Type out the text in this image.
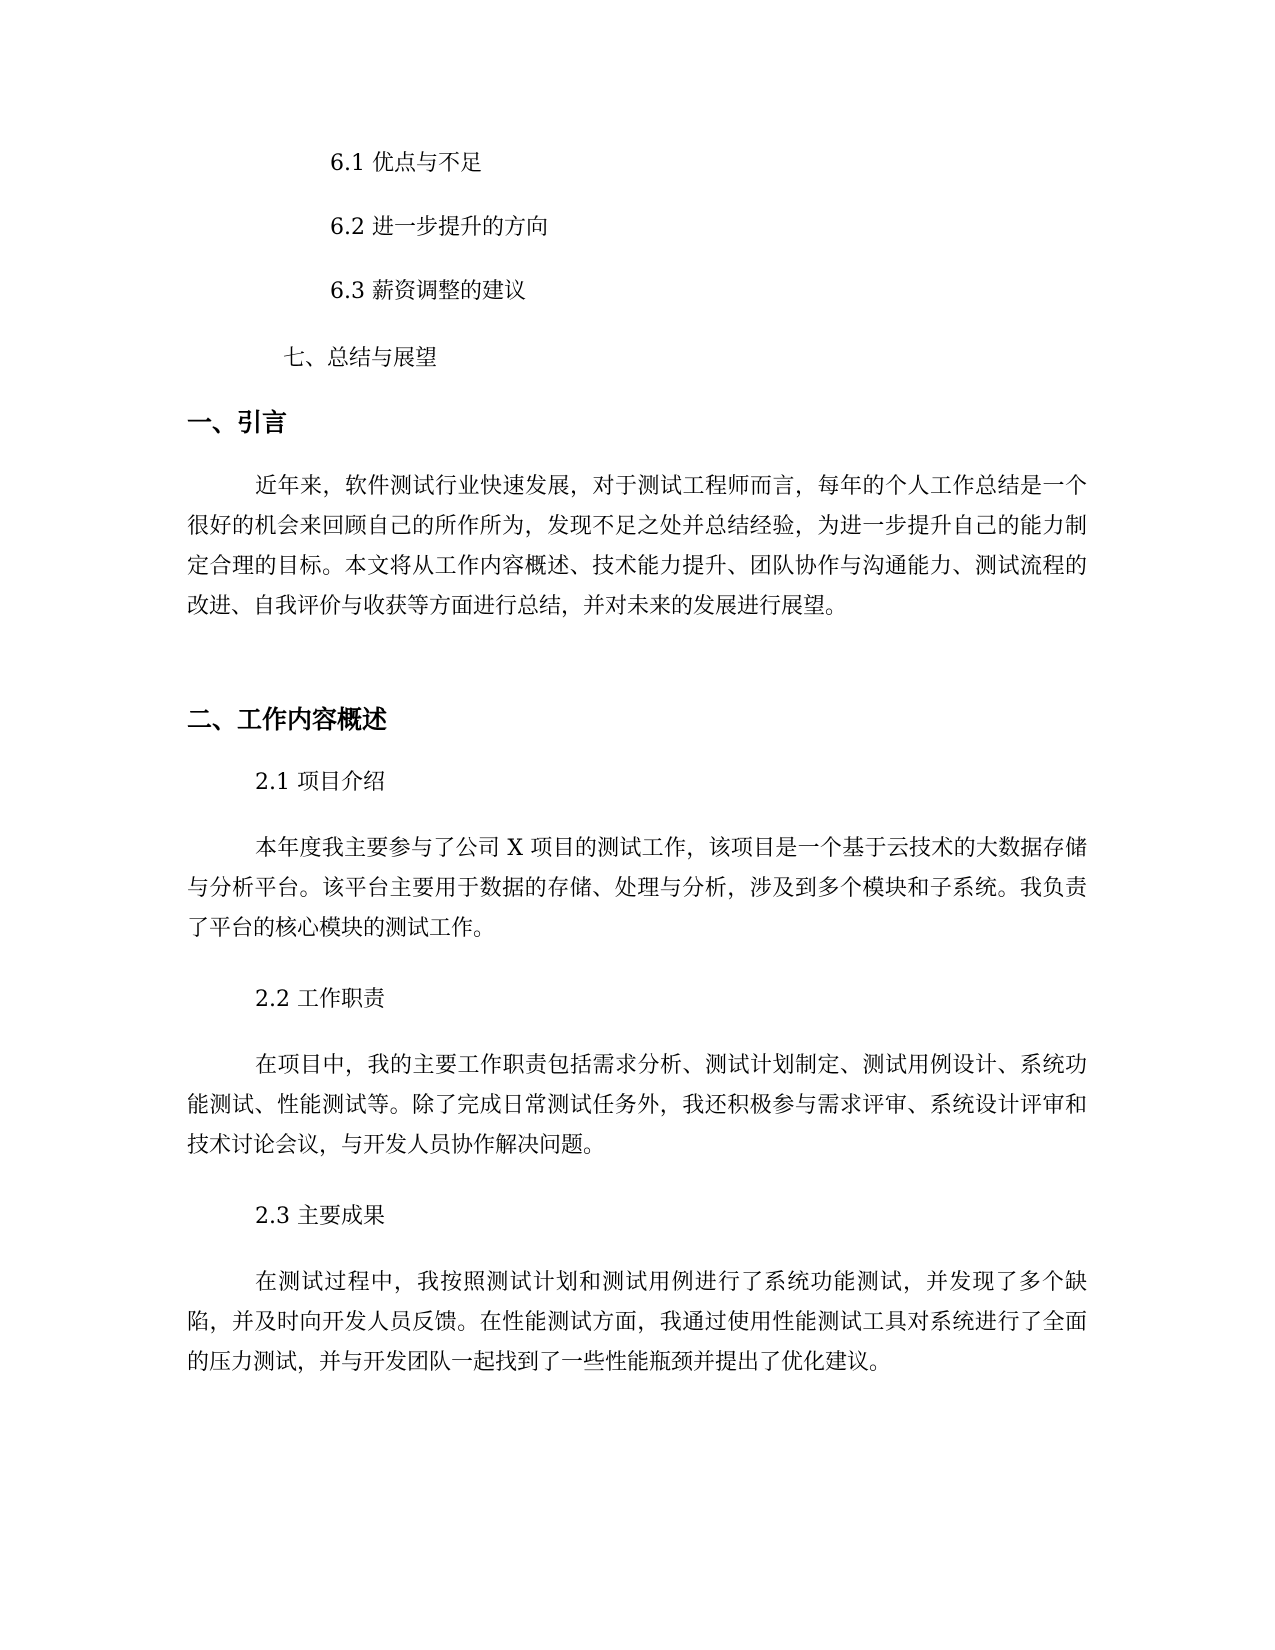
6.1 优点与不足
6.2 进一步提升的方向
6.3 薪资调整的建议
七、总结与展望
一、引言

近年来，软件测试行业快速发展，对于测试工程师而言，每年的个人工作总结是一个很好的机会来回顾自己的所作所为，发现不足之处并总结经验，为进一步提升自己的能力制定合理的目标。本文将从工作内容概述、技术能力提升、团队协作与沟通能力、测试流程的改进、自我评价与收获等方面进行总结，并对未来的发展进行展望。

二、工作内容概述
2.1 项目介绍

本年度我主要参与了公司 X 项目的测试工作，该项目是一个基于云技术的大数据存储与分析平台。该平台主要用于数据的存储、处理与分析，涉及到多个模块和子系统。我负责了平台的核心模块的测试工作。

2.2 工作职责

在项目中，我的主要工作职责包括需求分析、测试计划制定、测试用例设计、系统功能测试、性能测试等。除了完成日常测试任务外，我还积极参与需求评审、系统设计评审和技术讨论会议，与开发人员协作解决问题。

2.3 主要成果

在测试过程中，我按照测试计划和测试用例进行了系统功能测试，并发现了多个缺陷，并及时向开发人员反馈。在性能测试方面，我通过使用性能测试工具对系统进行了全面的压力测试，并与开发团队一起找到了一些性能瓶颈并提出了优化建议。
